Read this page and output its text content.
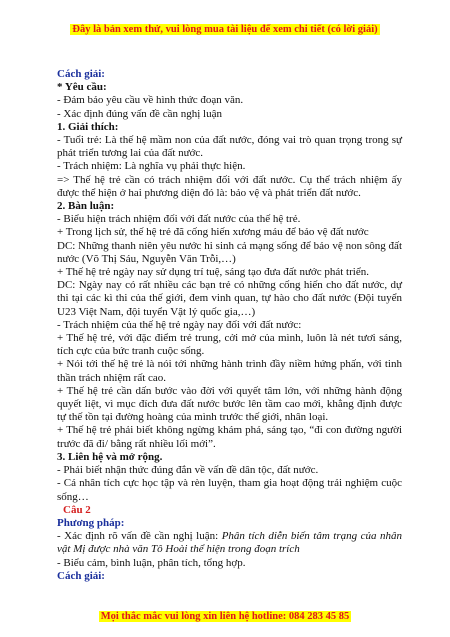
Đây là bản xem thử, vui lòng mua tài liệu để xem chi tiết (có lời giải)

Cách giải:

* Yêu cầu:

- Đảm bảo yêu cầu về hình thức đoạn văn.

- Xác định đúng vấn đề cần nghị luận

1. Giải thích:

- Tuổi trẻ: Là thế hệ mầm non của đất nước, đóng vai trò quan trọng trong sự phát triển tương lai của đất nước.

- Trách nhiệm: Là nghĩa vụ phải thực hiện.

=> Thế hệ trẻ cần có trách nhiệm đối với đất nước. Cụ thể trách nhiệm ấy được thể hiện ở hai phương diện đó là: bảo vệ và phát triển đất nước.

2. Bàn luận:

- Biểu hiện trách nhiệm đối với đất nước của thế hệ trẻ.

+ Trong lịch sử, thế hệ trẻ đã cống hiến xương máu để bảo vệ đất nước

DC: Những thanh niên yêu nước hi sinh cả mạng sống để bảo vệ non sông đất nước (Võ Thị Sáu, Nguyễn Văn Trỗi,…)

+ Thế hệ trẻ ngày nay sử dụng trí tuệ, sáng tạo đưa đất nước phát triển.

DC: Ngày nay có rất nhiều các bạn trẻ có những cống hiến cho đất nước, dự thi tại các kì thi của thế giới, đem vinh quan, tự hào cho đất nước (Đội tuyển U23 Việt Nam, đội tuyển Vật lý quốc gia,…)

- Trách nhiệm của thế hệ trẻ ngày nay đối với đất nước:

+ Thế hệ trẻ, với đặc điểm trẻ trung, cởi mở của mình, luôn là nét tươi sáng, tích cực của bức tranh cuộc sống.

+ Nói tới thế hệ trẻ là nói tới những hành trình đầy niềm hứng phấn, với tinh thần trách nhiệm rất cao.

+ Thế hệ trẻ cần dấn bước vào đời với quyết tâm lớn, với những hành động quyết liệt, vì mục đích đưa đất nước bước lên tầm cao mới, khẳng định được tự thế tồn tại đường hoàng của mình trước thế giới, nhân loại.

+ Thế hệ trẻ phải biết không ngừng khám phá, sáng tạo, “đi con đường người trước đã đi/ bằng rất nhiều lối mới”.

3. Liên hệ và mở rộng.

- Phải biết nhận thức đúng đắn về vấn đề dân tộc, đất nước.

- Cá nhân tích cực học tập và rèn luyện, tham gia hoạt động trải nghiệm cuộc sống…

Câu 2

Phương pháp:

- Xác định rõ vấn đề cần nghị luận: Phân tích diễn biến tâm trạng của nhân vật Mị được nhà văn Tô Hoài thể hiện trong đoạn trích

- Biểu cảm, bình luận, phân tích, tổng hợp.

Cách giải:

Mọi thắc mắc vui lòng xin liên hệ hotline: 084 283 45 85
